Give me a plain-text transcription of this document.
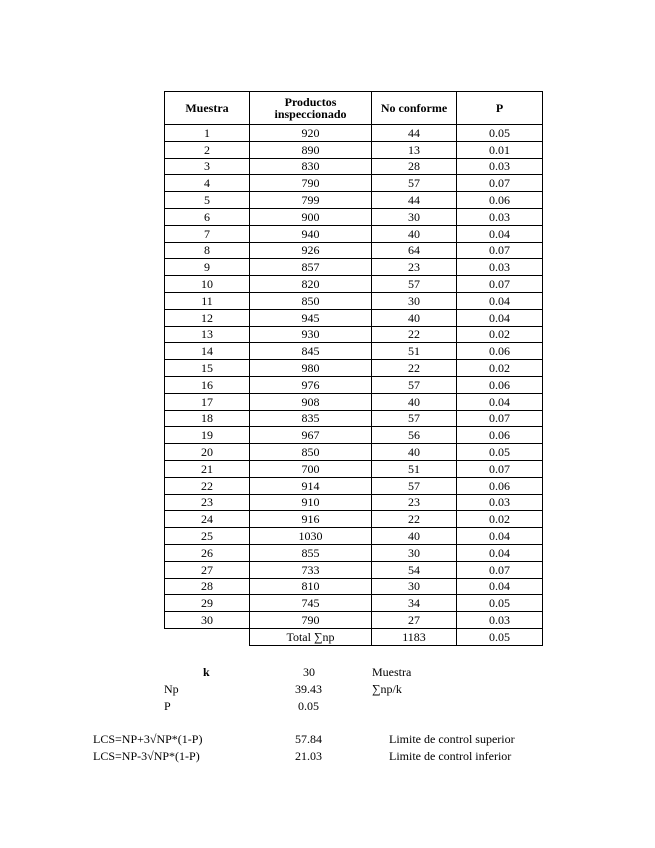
Muestra	Productos inspeccionado	No conforme	P
1	920	44	0.05
2	890	13	0.01
3	830	28	0.03
4	790	57	0.07
5	799	44	0.06
6	900	30	0.03
7	940	40	0.04
8	926	64	0.07
9	857	23	0.03
10	820	57	0.07
11	850	30	0.04
12	945	40	0.04
13	930	22	0.02
14	845	51	0.06
15	980	22	0.02
16	976	57	0.06
17	908	40	0.04
18	835	57	0.07
19	967	56	0.06
20	850	40	0.05
21	700	51	0.07
22	914	57	0.06
23	910	23	0.03
24	916	22	0.02
25	1030	40	0.04
26	855	30	0.04
27	733	54	0.07
28	810	30	0.04
29	745	34	0.05
30	790	27	0.03
	Total ∑np	1183	0.05
k	30	Muestra
Np	39.43	∑np/k
P	0.05
LCS=NP+3√NP*(1-P)	57.84	Limite de control superior
LCS=NP-3√NP*(1-P)	21.03	Limite de control inferior
